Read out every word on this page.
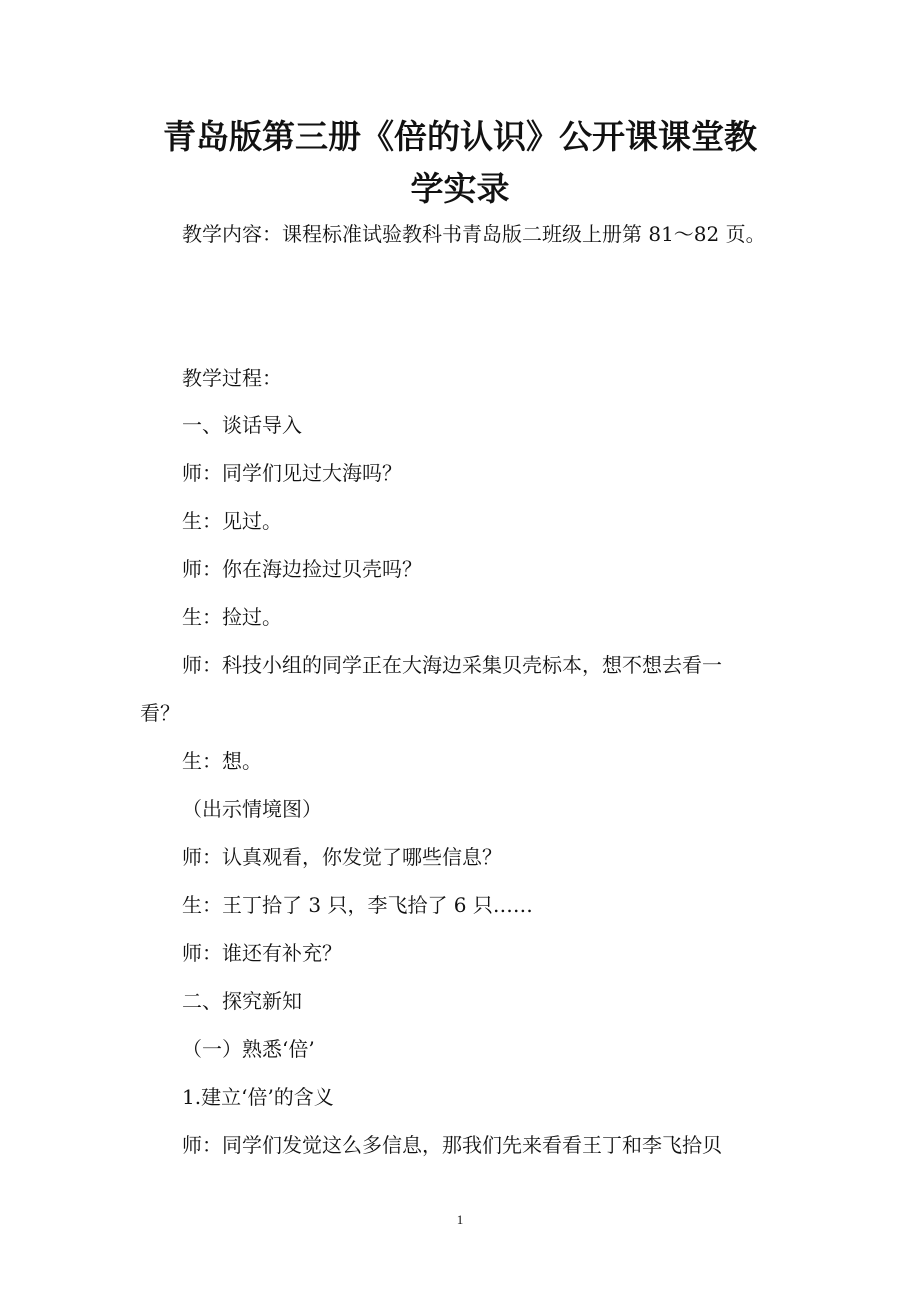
青岛版第三册《倍的认识》公开课课堂教
学实录

教学内容：课程标准试验教科书青岛版二班级上册第 81～82 页。

教学过程：

一、谈话导入

师：同学们见过大海吗？

生：见过。

师：你在海边捡过贝壳吗？

生：捡过。

师：科技小组的同学正在大海边采集贝壳标本，想不想去看一

看？

生：想。

（出示情境图）

师：认真观看，你发觉了哪些信息？

生：王丁拾了 3 只，李飞拾了 6 只……

师：谁还有补充？

二、探究新知

（一）熟悉‘倍’

1.建立‘倍’的含义

师：同学们发觉这么多信息，那我们先来看看王丁和李飞拾贝

1
